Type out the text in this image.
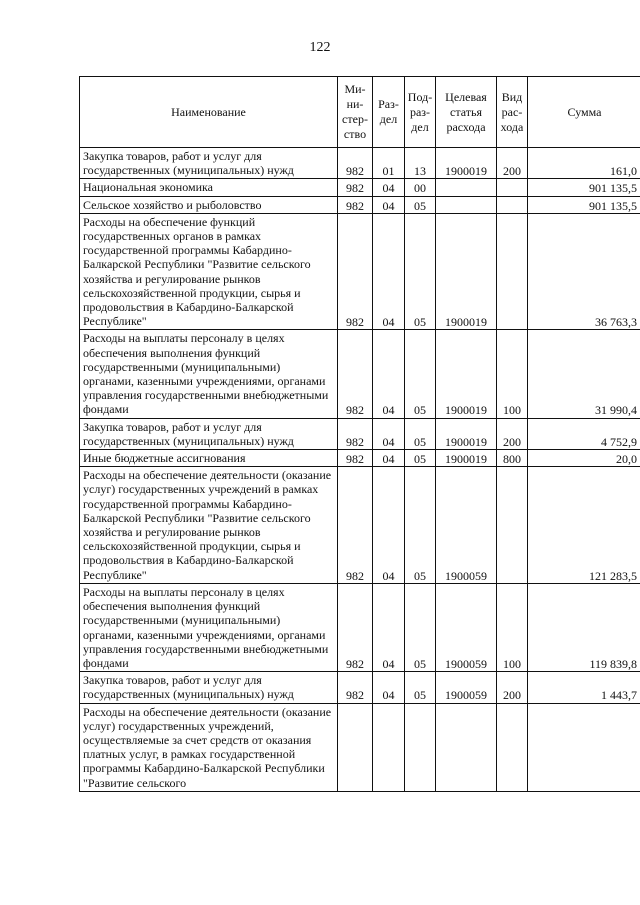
122
Наименование	Ми- ни- стер- ство	Раз- дел	Под- раз- дел	Целевая статья расхода	Вид рас- хода	Сумма
Закупка товаров, работ и услуг для государственных (муниципальных) нужд	982	01	13	1900019	200	161,0
Национальная экономика	982	04	00			901 135,5
Сельское хозяйство и рыболовство	982	04	05			901 135,5
Расходы на обеспечение функций государственных органов в рамках государственной программы Кабардино-Балкарской Республики "Развитие сельского хозяйства и регулирование рынков сельскохозяйственной продукции, сырья и продовольствия в Кабардино-Балкарской Республике"	982	04	05	1900019		36 763,3
Расходы на выплаты персоналу в целях обеспечения выполнения функций государственными (муниципальными) органами, казенными учреждениями, органами управления государственными внебюджетными фондами	982	04	05	1900019	100	31 990,4
Закупка товаров, работ и услуг для государственных (муниципальных) нужд	982	04	05	1900019	200	4 752,9
Иные бюджетные ассигнования	982	04	05	1900019	800	20,0
Расходы на обеспечение деятельности (оказание услуг) государственных учреждений в рамках государственной программы Кабардино-Балкарской Республики "Развитие сельского хозяйства и регулирование рынков сельскохозяйственной продукции, сырья и продовольствия в Кабардино-Балкарской Республике"	982	04	05	1900059		121 283,5
Расходы на выплаты персоналу в целях обеспечения выполнения функций государственными (муниципальными) органами, казенными учреждениями, органами управления государственными внебюджетными фондами	982	04	05	1900059	100	119 839,8
Закупка товаров, работ и услуг для государственных (муниципальных) нужд	982	04	05	1900059	200	1 443,7
Расходы на обеспечение деятельности (оказание услуг) государственных учреждений, осуществляемые за счет средств от оказания платных услуг, в рамках государственной программы Кабардино-Балкарской Республики "Развитие сельского						
